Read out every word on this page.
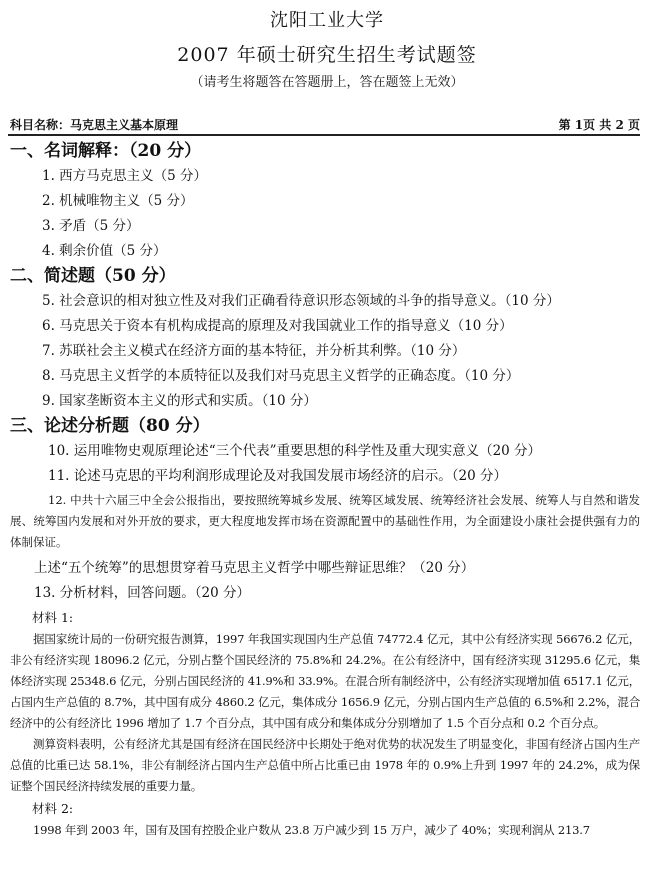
沈阳工业大学
2007 年硕士研究生招生考试题签
（请考生将题答在答题册上，答在题签上无效）
科目名称：马克思主义基本原理	第 1页 共 2 页
一、名词解释：（20 分）
1. 西方马克思主义（5 分）
2. 机械唯物主义（5 分）
3. 矛盾（5 分）
4. 剩余价值（5 分）
二、简述题（50 分）
5. 社会意识的相对独立性及对我们正确看待意识形态领域的斗争的指导意义。（10 分）
6. 马克思关于资本有机构成提高的原理及对我国就业工作的指导意义（10 分）
7. 苏联社会主义模式在经济方面的基本特征，并分析其利弊。（10 分）
8. 马克思主义哲学的本质特征以及我们对马克思主义哲学的正确态度。（10 分）
9. 国家垄断资本主义的形式和实质。（10 分）
三、论述分析题（80 分）
10. 运用唯物史观原理论述“三个代表”重要思想的科学性及重大现实意义（20 分）
11. 论述马克思的平均利润形成理论及对我国发展市场经济的启示。（20 分）

12. 中共十六届三中全会公报指出，要按照统筹城乡发展、统筹区域发展、统筹经济社会发展、统筹人与自然和谐发展、统筹国内发展和对外开放的要求，更大程度地发挥市场在资源配置中的基础性作用，为全面建设小康社会提供强有力的体制保证。

上述“五个统筹”的思想贯穿着马克思主义哲学中哪些辩证思维？（20 分）
13. 分析材料，回答问题。（20 分）
材料 1:

据国家统计局的一份研究报告测算，1997 年我国实现国内生产总值 74772.4 亿元，其中公有经济实现 56676.2 亿元，非公有经济实现 18096.2 亿元，分别占整个国民经济的 75.8%和 24.2%。在公有经济中，国有经济实现 31295.6 亿元，集体经济实现 25348.6 亿元，分别占国民经济的 41.9%和 33.9%。在混合所有制经济中，公有经济实现增加值 6517.1 亿元，占国内生产总值的 8.7%，其中国有成分 4860.2 亿元，集体成分 1656.9 亿元，分别占国内生产总值的 6.5%和 2.2%，混合经济中的公有经济比 1996 增加了 1.7 个百分点，其中国有成分和集体成分分别增加了 1.5 个百分点和 0.2 个百分点。

测算资料表明，公有经济尤其是国有经济在国民经济中长期处于绝对优势的状况发生了明显变化，非国有经济占国内生产总值的比重已达 58.1%，非公有制经济占国内生产总值中所占比重已由 1978 年的 0.9%上升到 1997 年的 24.2%，成为保证整个国民经济持续发展的重要力量。

材料 2:

1998 年到 2003 年，国有及国有控股企业户数从 23.8 万户减少到 15 万户，减少了 40%；实现利润从 213.7
